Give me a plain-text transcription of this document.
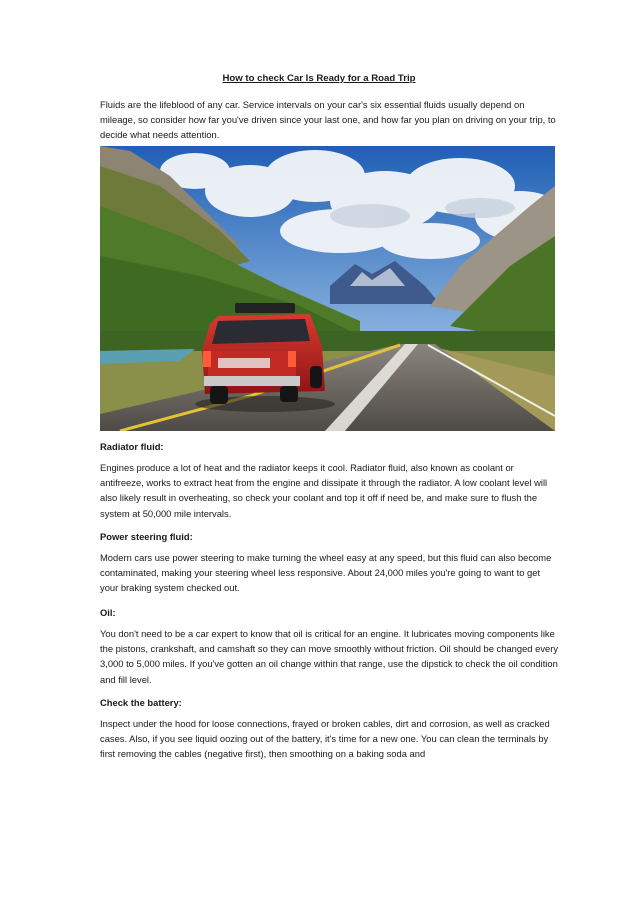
How to check Car Is Ready for a Road Trip

Fluids are the lifeblood of any car. Service intervals on your car's six essential fluids usually depend on mileage, so consider how far you've driven since your last one, and how far you plan on driving on your trip, to decide what needs attention.

Radiator fluid:

Engines produce a lot of heat and the radiator keeps it cool. Radiator fluid, also known as coolant or antifreeze, works to extract heat from the engine and dissipate it through the radiator. A low coolant level will also likely result in overheating, so check your coolant and top it off if need be, and make sure to flush the system at 50,000 mile intervals.

Power steering fluid:

Modern cars use power steering to make turning the wheel easy at any speed, but this fluid can also become contaminated, making your steering wheel less responsive. About 24,000 miles you're going to want to get your braking system checked out.

Oil:

You don't need to be a car expert to know that oil is critical for an engine. It lubricates moving components like the pistons, crankshaft, and camshaft so they can move smoothly without friction. Oil should be changed every 3,000 to 5,000 miles. If you've gotten an oil change within that range, use the dipstick to check the oil condition and fill level.

Check the battery:

Inspect under the hood for loose connections, frayed or broken cables, dirt and corrosion, as well as cracked cases. Also, if you see liquid oozing out of the battery, it's time for a new one. You can clean the terminals by first removing the cables (negative first), then smoothing on a baking soda and
